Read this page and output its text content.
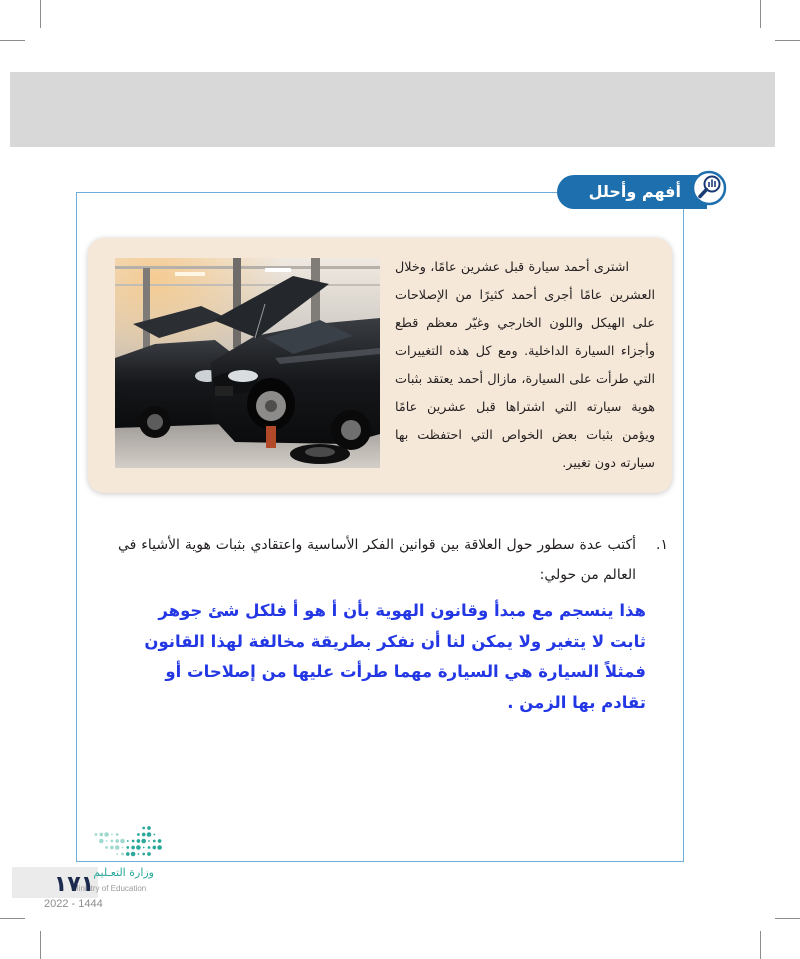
أفهم وأحلل
اشترى أحمد سيارة قبل عشرين عامًا، وخلال
العشرين عامًا أجرى أحمد كثيرًا من الإصلاحات
على الهيكل واللون الخارجي وغيّر معظم قطع
وأجزاء السيارة الداخلية. ومع كل هذه التغييرات
التي طرأت على السيارة، مازال أحمد يعتقد بثبات
هوية سيارته التي اشتراها قبل عشرين عامًا
ويؤمن بثبات بعض الخواص التي احتفظت بها
سيارته دون تغيير.
١.
أكتب عدة سطور حول العلاقة بين قوانين الفكر الأساسية واعتقادي بثبات هوية الأشياء في
العالم من حولي:
هذا ينسجم مع مبدأ وقانون الهوية بأن أ هو أ فلكل شئ جوهر
ثابت لا يتغير ولا يمكن لنا أن نفكر بطريقة مخالفة لهذا القانون
فمثلاً السيارة هي السيارة مهما طرأت عليها من إصلاحات أو
تقادم بها الزمن .
وزارة التعـليم
Ministry of Education
١٧١
2022 - 1444
